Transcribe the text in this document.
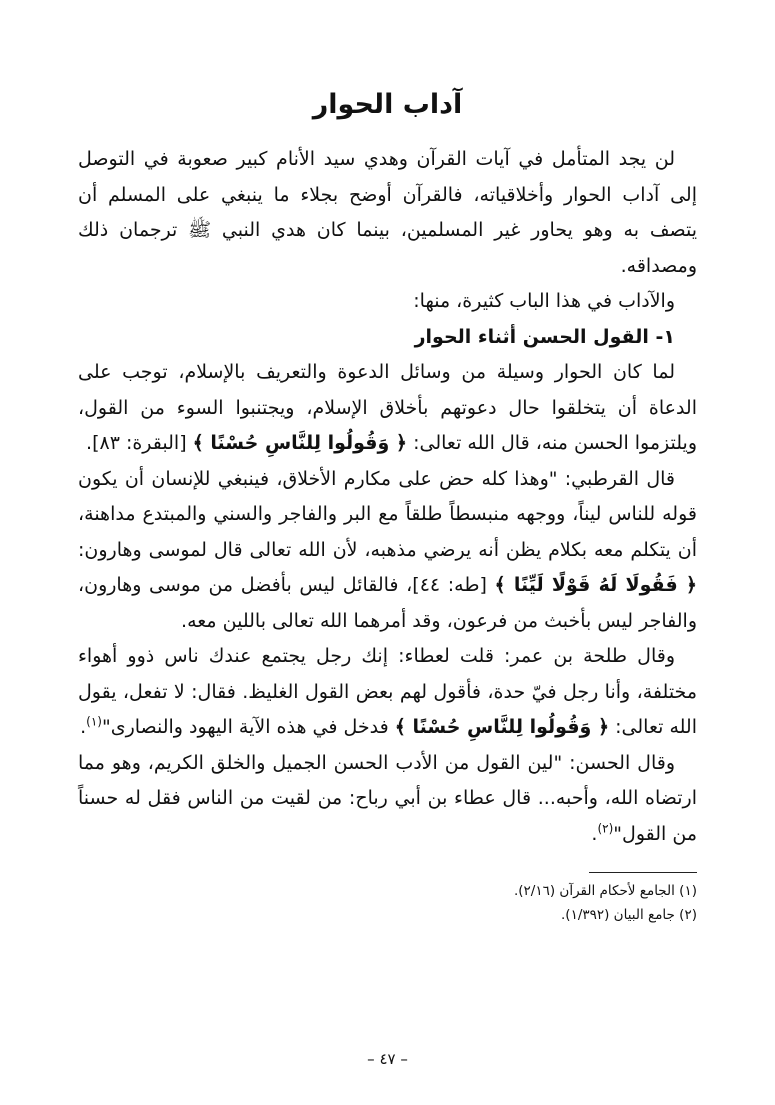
آداب الحوار

لن يجد المتأمل في آيات القرآن وهدي سيد الأنام كبير صعوبة في التوصل إلى آداب الحوار وأخلاقياته، فالقرآن أوضح بجلاء ما ينبغي على المسلم أن يتصف به وهو يحاور غير المسلمين، بينما كان هدي النبي ﷺ ترجمان ذلك ومصداقه.

والآداب في هذا الباب كثيرة، منها:

١- القول الحسن أثناء الحوار

لما كان الحوار وسيلة من وسائل الدعوة والتعريف بالإسلام، توجب على الدعاة أن يتخلقوا حال دعوتهم بأخلاق الإسلام، ويجتنبوا السوء من القول، ويلتزموا الحسن منه، قال الله تعالى: ﴿ وَقُولُوا لِلنَّاسِ حُسْنًا ﴾ [البقرة: ٨٣].

قال القرطبي: "وهذا كله حض على مكارم الأخلاق، فينبغي للإنسان أن يكون قوله للناس ليناً، ووجهه منبسطاً طلقاً مع البر والفاجر والسني والمبتدع مداهنة، أن يتكلم معه بكلام يظن أنه يرضي مذهبه، لأن الله تعالى قال لموسى وهارون: ﴿ فَقُولَا لَهُ قَوْلًا لَيِّنًا ﴾ [طه: ٤٤]، فالقائل ليس بأفضل من موسى وهارون، والفاجر ليس بأخبث من فرعون، وقد أمرهما الله تعالى باللين معه.

وقال طلحة بن عمر: قلت لعطاء: إنك رجل يجتمع عندك ناس ذوو أهواء مختلفة، وأنا رجل فيّ حدة، فأقول لهم بعض القول الغليظ. فقال: لا تفعل، يقول الله تعالى: ﴿ وَقُولُوا لِلنَّاسِ حُسْنًا ﴾ فدخل في هذه الآية اليهود والنصارى"$^{(١)}$.

وقال الحسن: "لين القول من الأدب الحسن الجميل والخلق الكريم، وهو مما ارتضاه الله، وأحبه... قال عطاء بن أبي رباح: من لقيت من الناس فقل له حسناً من القول"$^{(٢)}$.

(١) الجامع لأحكام القرآن (٢/١٦).
(٢) جامع البيان (١/٣٩٢).
– ٤٧ –
